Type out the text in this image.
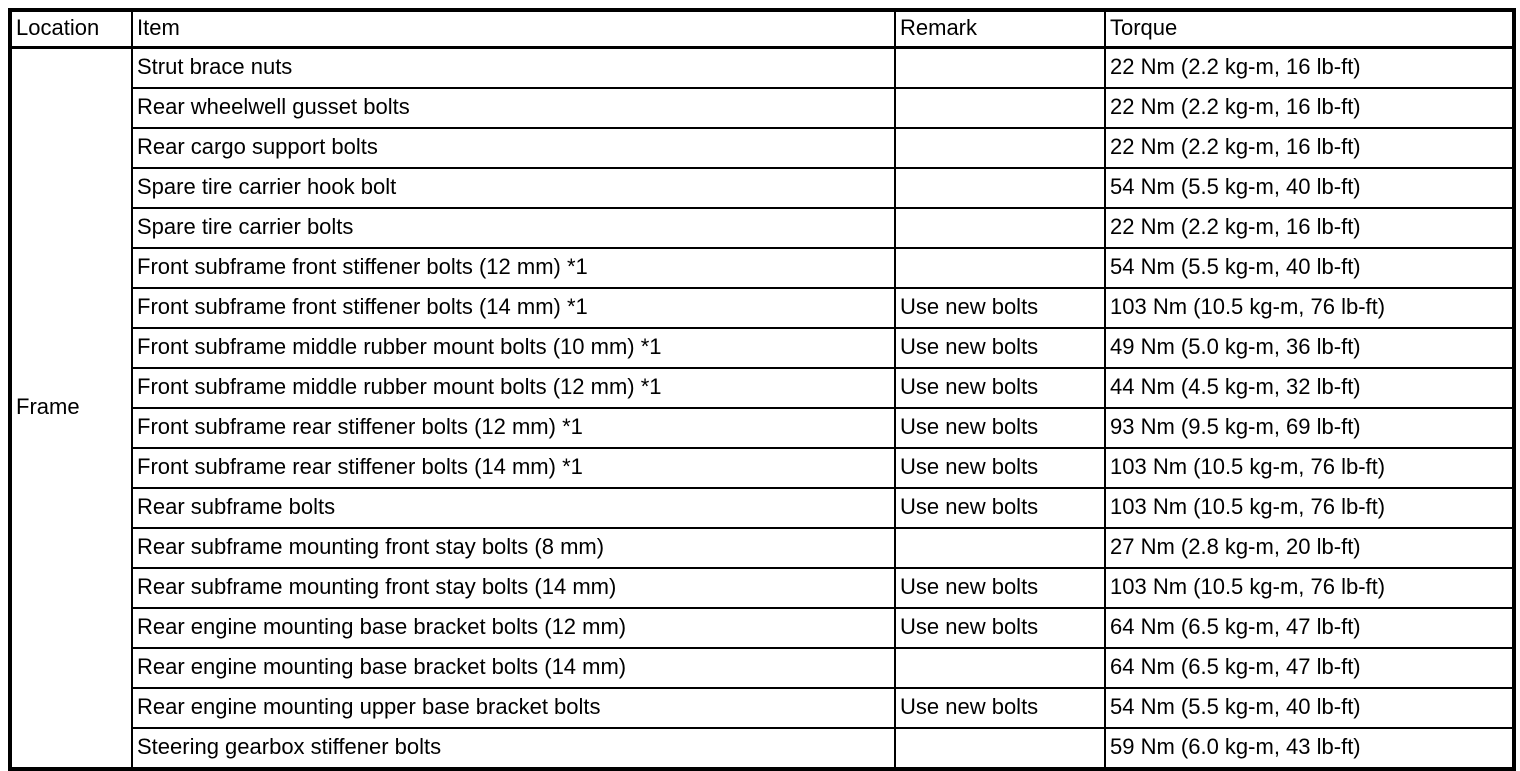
Location	Item	Remark	Torque
Frame	Strut brace nuts		22 Nm (2.2 kg-m, 16 lb-ft)
	Rear wheelwell gusset bolts		22 Nm (2.2 kg-m, 16 lb-ft)
	Rear cargo support bolts		22 Nm (2.2 kg-m, 16 lb-ft)
	Spare tire carrier hook bolt		54 Nm (5.5 kg-m, 40 lb-ft)
	Spare tire carrier bolts		22 Nm (2.2 kg-m, 16 lb-ft)
	Front subframe front stiffener bolts (12 mm) *1		54 Nm (5.5 kg-m, 40 lb-ft)
	Front subframe front stiffener bolts (14 mm) *1	Use new bolts	103 Nm (10.5 kg-m, 76 lb-ft)
	Front subframe middle rubber mount bolts (10 mm) *1	Use new bolts	49 Nm (5.0 kg-m, 36 lb-ft)
	Front subframe middle rubber mount bolts (12 mm) *1	Use new bolts	44 Nm (4.5 kg-m, 32 lb-ft)
	Front subframe rear stiffener bolts (12 mm) *1	Use new bolts	93 Nm (9.5 kg-m, 69 lb-ft)
	Front subframe rear stiffener bolts (14 mm) *1	Use new bolts	103 Nm (10.5 kg-m, 76 lb-ft)
	Rear subframe bolts	Use new bolts	103 Nm (10.5 kg-m, 76 lb-ft)
	Rear subframe mounting front stay bolts (8 mm)		27 Nm (2.8 kg-m, 20 lb-ft)
	Rear subframe mounting front stay bolts (14 mm)	Use new bolts	103 Nm (10.5 kg-m, 76 lb-ft)
	Rear engine mounting base bracket bolts (12 mm)	Use new bolts	64 Nm (6.5 kg-m, 47 lb-ft)
	Rear engine mounting base bracket bolts (14 mm)		64 Nm (6.5 kg-m, 47 lb-ft)
	Rear engine mounting upper base bracket bolts	Use new bolts	54 Nm (5.5 kg-m, 40 lb-ft)
	Steering gearbox stiffener bolts		59 Nm (6.0 kg-m, 43 lb-ft)
